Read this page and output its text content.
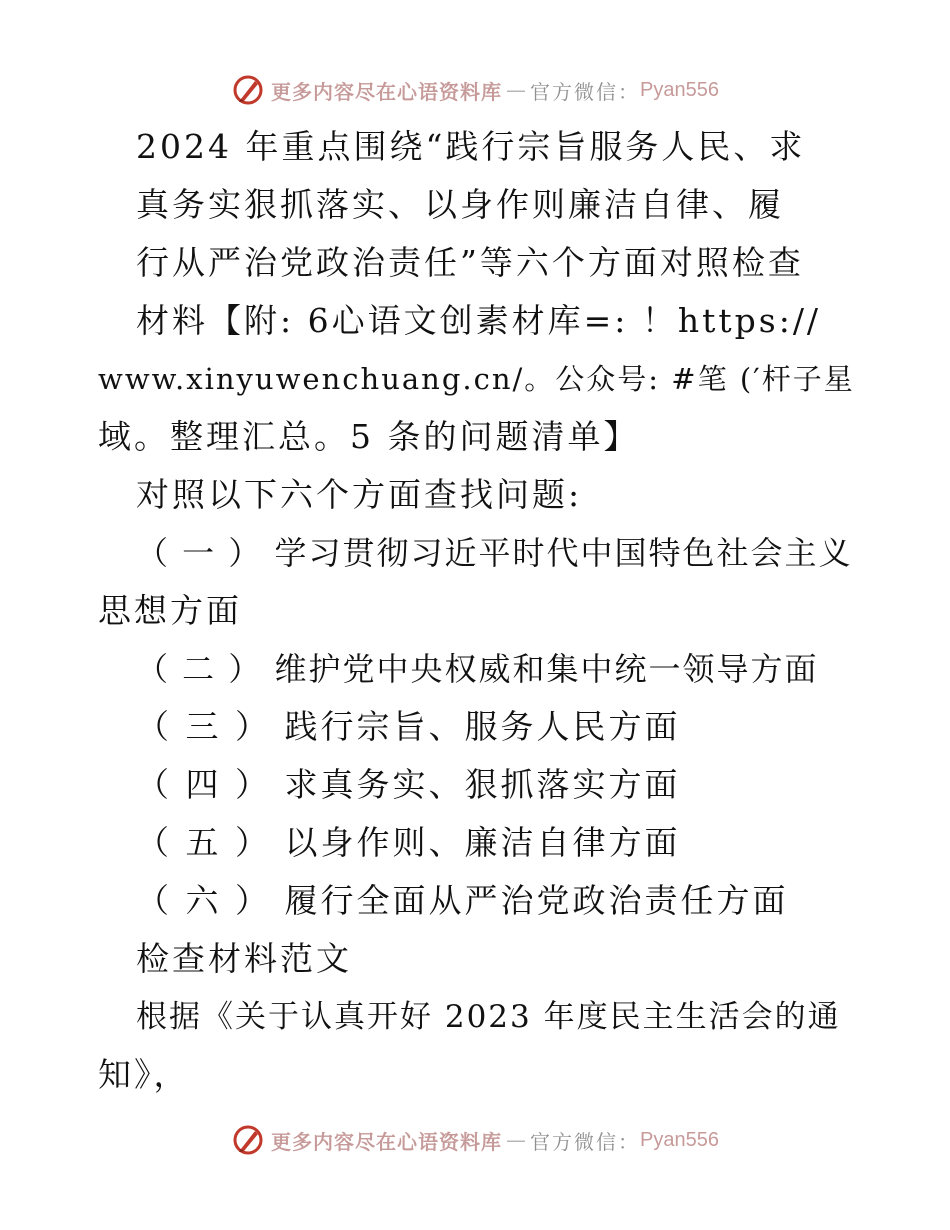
更多内容尽在心语资料库 — 官方微信： Pyan556
2024 年重点围绕“践行宗旨服务人民、求
真务实狠抓落实、以身作则廉洁自律、履
行从严治党政治责任”等六个方面对照检查
材料【附: 6心语文创素材库=: ！https://
www.xinyuwenchuang.cn/。公众号: #笔 (′杆子星
域。整理汇总。5 条的问题清单】
对照以下六个方面查找问题:
（ 一 ） 学习贯彻习近平时代中国特色社会主义
思想方面
（ 二 ） 维护党中央权威和集中统一领导方面
（ 三 ） 践行宗旨、服务人民方面
（ 四 ） 求真务实、狠抓落实方面
（ 五 ） 以身作则、廉洁自律方面
（ 六 ） 履行全面从严治党政治责任方面
检查材料范文
根据《关于认真开好 2023 年度民主生活会的通
知》，
更多内容尽在心语资料库 — 官方微信： Pyan556
